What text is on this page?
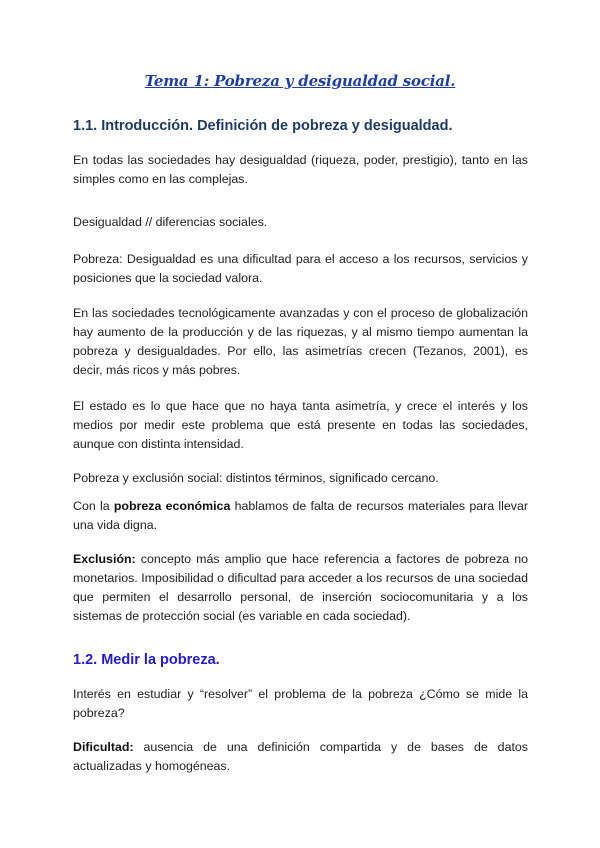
Tema 1: Pobreza y desigualdad social.
1.1. Introducción. Definición de pobreza y desigualdad.

En todas las sociedades hay desigualdad (riqueza, poder, prestigio), tanto en las simples como en las complejas.

Desigualdad // diferencias sociales.

Pobreza: Desigualdad es una dificultad para el acceso a los recursos, servicios y posiciones que la sociedad valora.

En las sociedades tecnológicamente avanzadas y con el proceso de globalización hay aumento de la producción y de las riquezas, y al mismo tiempo aumentan la pobreza y desigualdades. Por ello, las asimetrías crecen (Tezanos, 2001), es decir, más ricos y más pobres.

El estado es lo que hace que no haya tanta asimetría, y crece el interés y los medios por medir este problema que está presente en todas las sociedades, aunque con distinta intensidad.

Pobreza y exclusión social: distintos términos, significado cercano.

Con la pobreza económica hablamos de falta de recursos materiales para llevar una vida digna.

Exclusión: concepto más amplio que hace referencia a factores de pobreza no monetarios. Imposibilidad o dificultad para acceder a los recursos de una sociedad que permiten el desarrollo personal, de inserción sociocomunitaria y a los sistemas de protección social (es variable en cada sociedad).

1.2. Medir la pobreza.

Interés en estudiar y “resolver” el problema de la pobreza ¿Cómo se mide la pobreza?

Dificultad: ausencia de una definición compartida y de bases de datos actualizadas y homogéneas.
